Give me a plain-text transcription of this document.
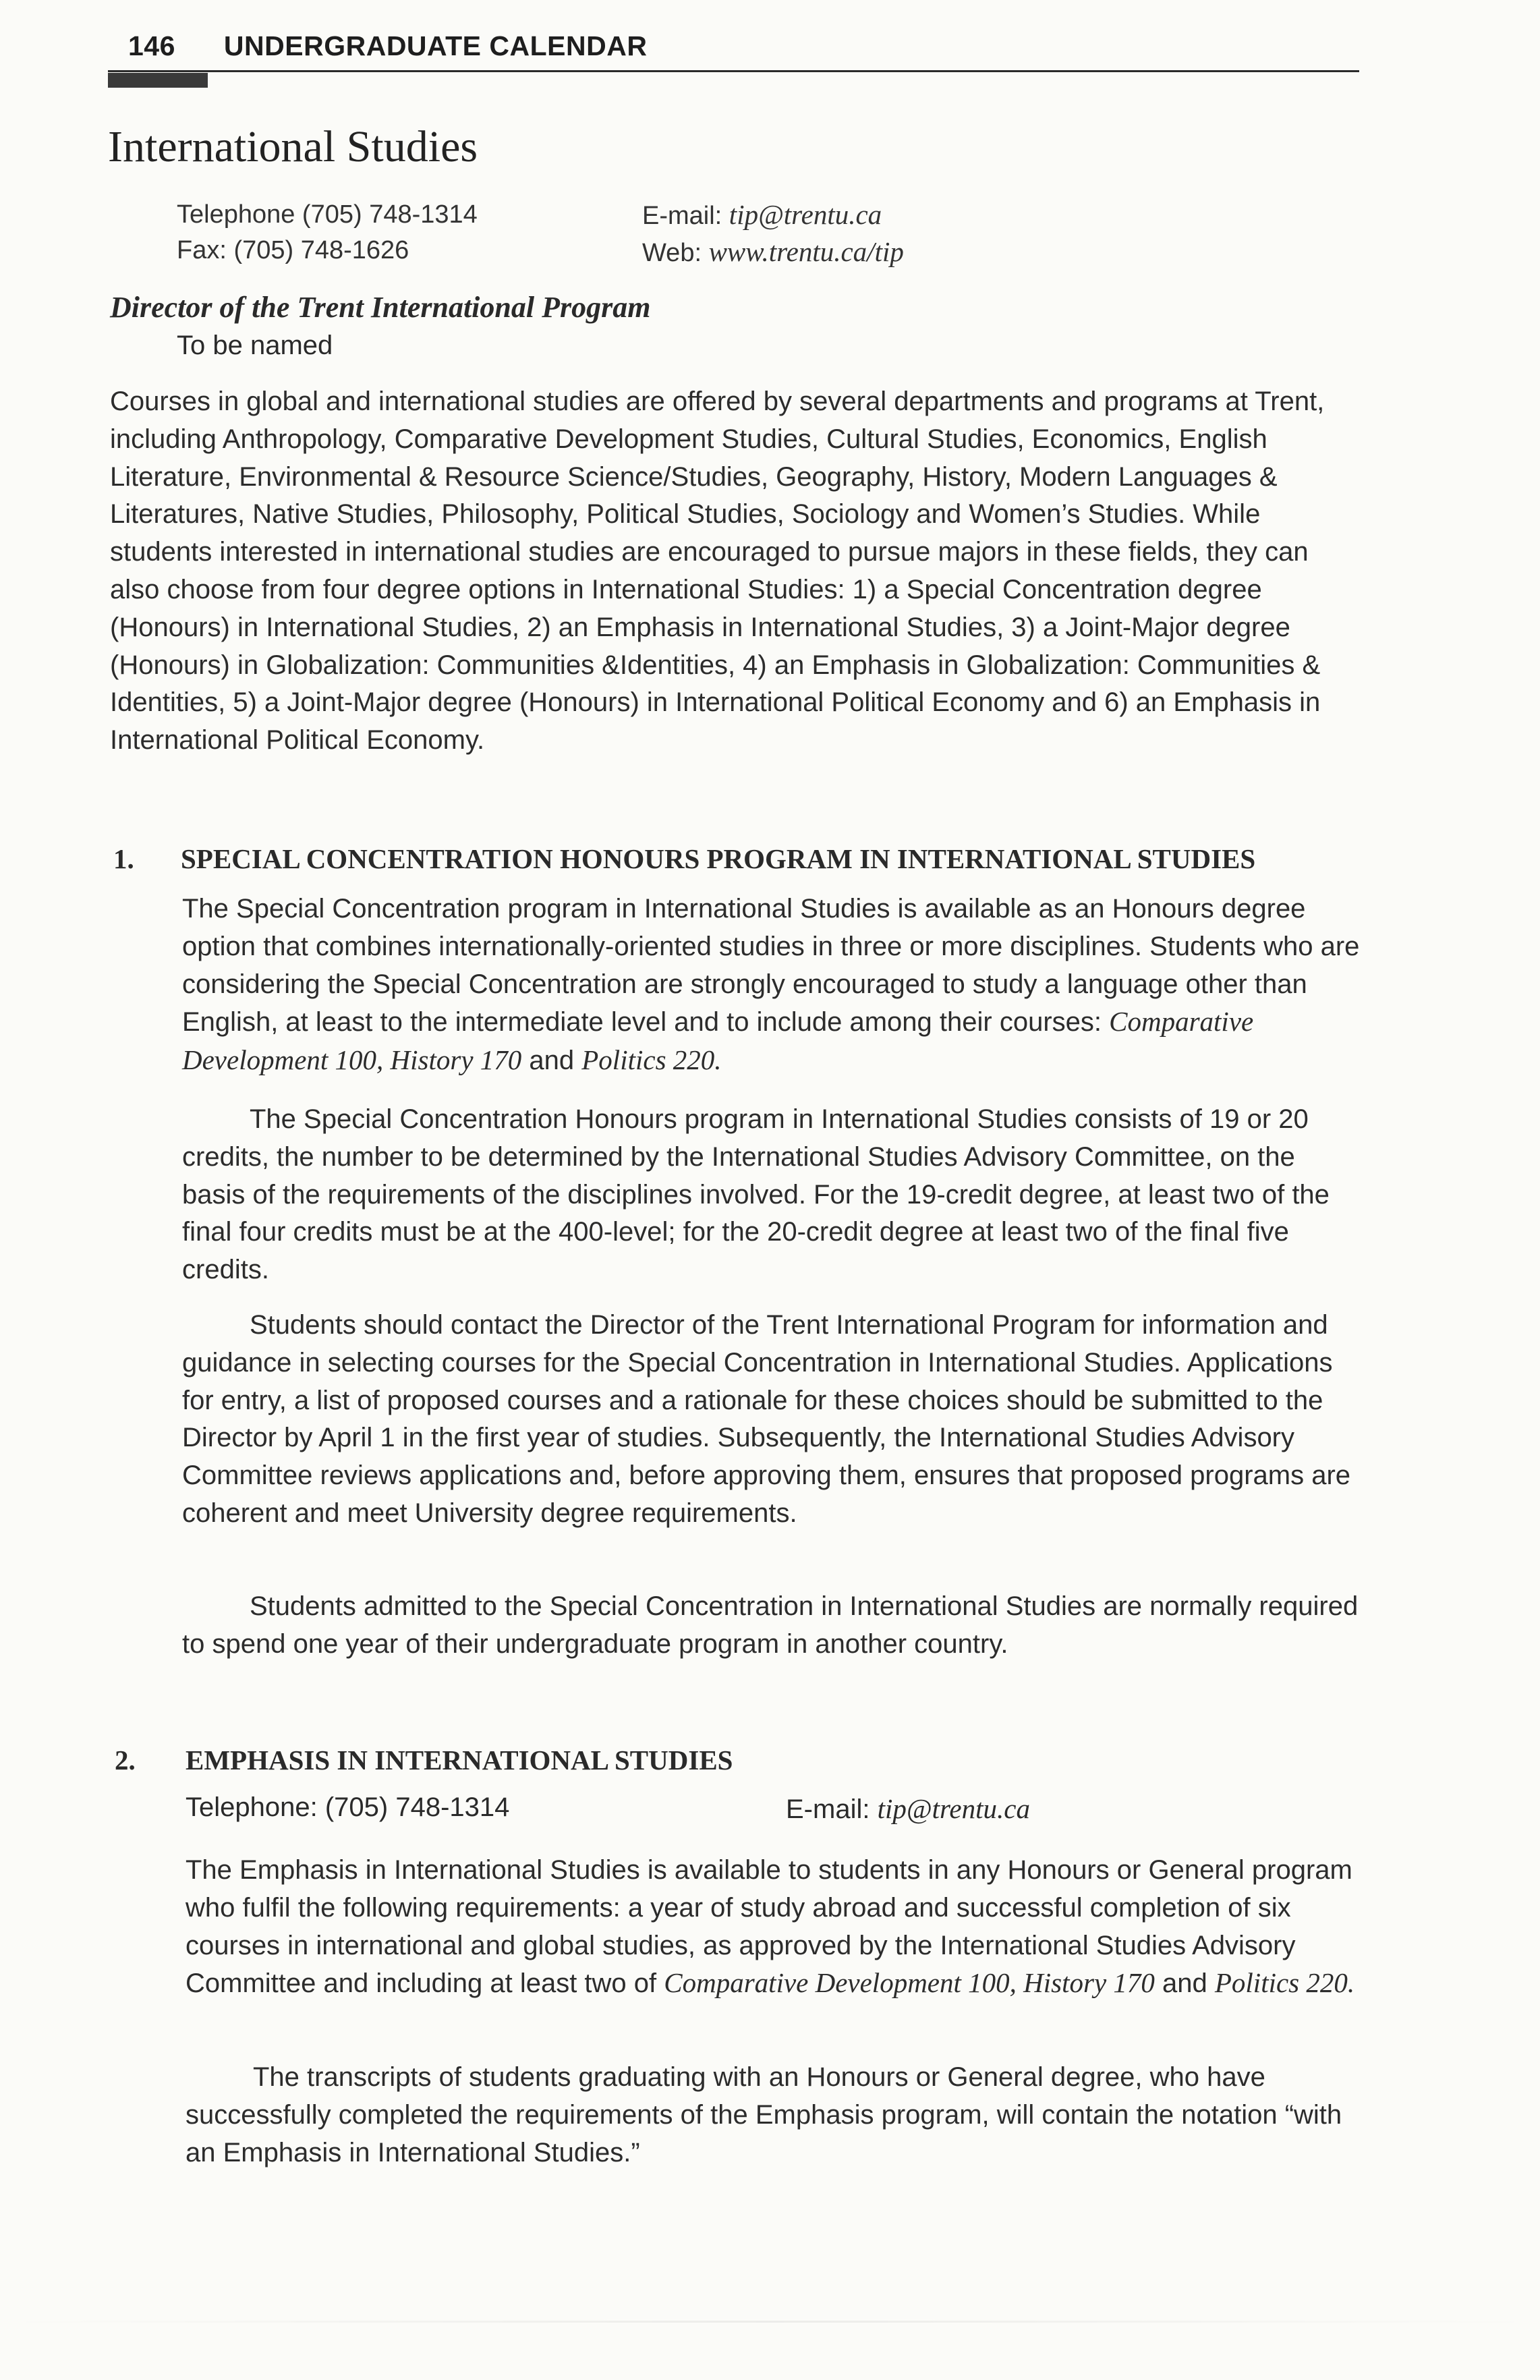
146 UNDERGRADUATE CALENDAR
International Studies
Telephone (705) 748-1314
Fax: (705) 748-1626
E-mail: tip@trentu.ca
Web: www.trentu.ca/tip
Director of the Trent International Program
To be named
Courses in global and international studies are offered by several departments and programs at Trent, including Anthropology, Comparative Development Studies, Cultural Studies, Economics, English Literature, Environmental & Resource Science/Studies, Geography, History, Modern Languages & Literatures, Native Studies, Philosophy, Political Studies, Sociology and Women’s Studies. While students interested in international studies are encouraged to pursue majors in these fields, they can also choose from four degree options in International Studies: 1) a Special Concentration degree (Honours) in International Studies, 2) an Emphasis in International Studies, 3) a Joint-Major degree (Honours) in Globalization: Communities &Identities, 4) an Emphasis in Globalization: Communities & Identities, 5) a Joint-Major degree (Honours) in International Political Economy and 6) an Emphasis in International Political Economy.
1. SPECIAL CONCENTRATION HONOURS PROGRAM IN INTERNATIONAL STUDIES
The Special Concentration program in International Studies is available as an Honours degree option that combines internationally-oriented studies in three or more disciplines. Students who are considering the Special Concentration are strongly encouraged to study a language other than English, at least to the intermediate level and to include among their courses: Comparative Development 100, History 170 and Politics 220.
The Special Concentration Honours program in International Studies consists of 19 or 20 credits, the number to be determined by the International Studies Advisory Committee, on the basis of the requirements of the disciplines involved. For the 19-credit degree, at least two of the final four credits must be at the 400-level; for the 20-credit degree at least two of the final five credits.
Students should contact the Director of the Trent International Program for information and guidance in selecting courses for the Special Concentration in International Studies. Applications for entry, a list of proposed courses and a rationale for these choices should be submitted to the Director by April 1 in the first year of studies. Subsequently, the International Studies Advisory Committee reviews applications and, before approving them, ensures that proposed programs are coherent and meet University degree requirements.
Students admitted to the Special Concentration in International Studies are normally required to spend one year of their undergraduate program in another country.
2. EMPHASIS IN INTERNATIONAL STUDIES
Telephone: (705) 748-1314	E-mail: tip@trentu.ca
The Emphasis in International Studies is available to students in any Honours or General program who fulfil the following requirements: a year of study abroad and successful completion of six courses in international and global studies, as approved by the International Studies Advisory Committee and including at least two of Comparative Development 100, History 170 and Politics 220.
The transcripts of students graduating with an Honours or General degree, who have successfully completed the requirements of the Emphasis program, will contain the notation “with an Emphasis in International Studies.”
